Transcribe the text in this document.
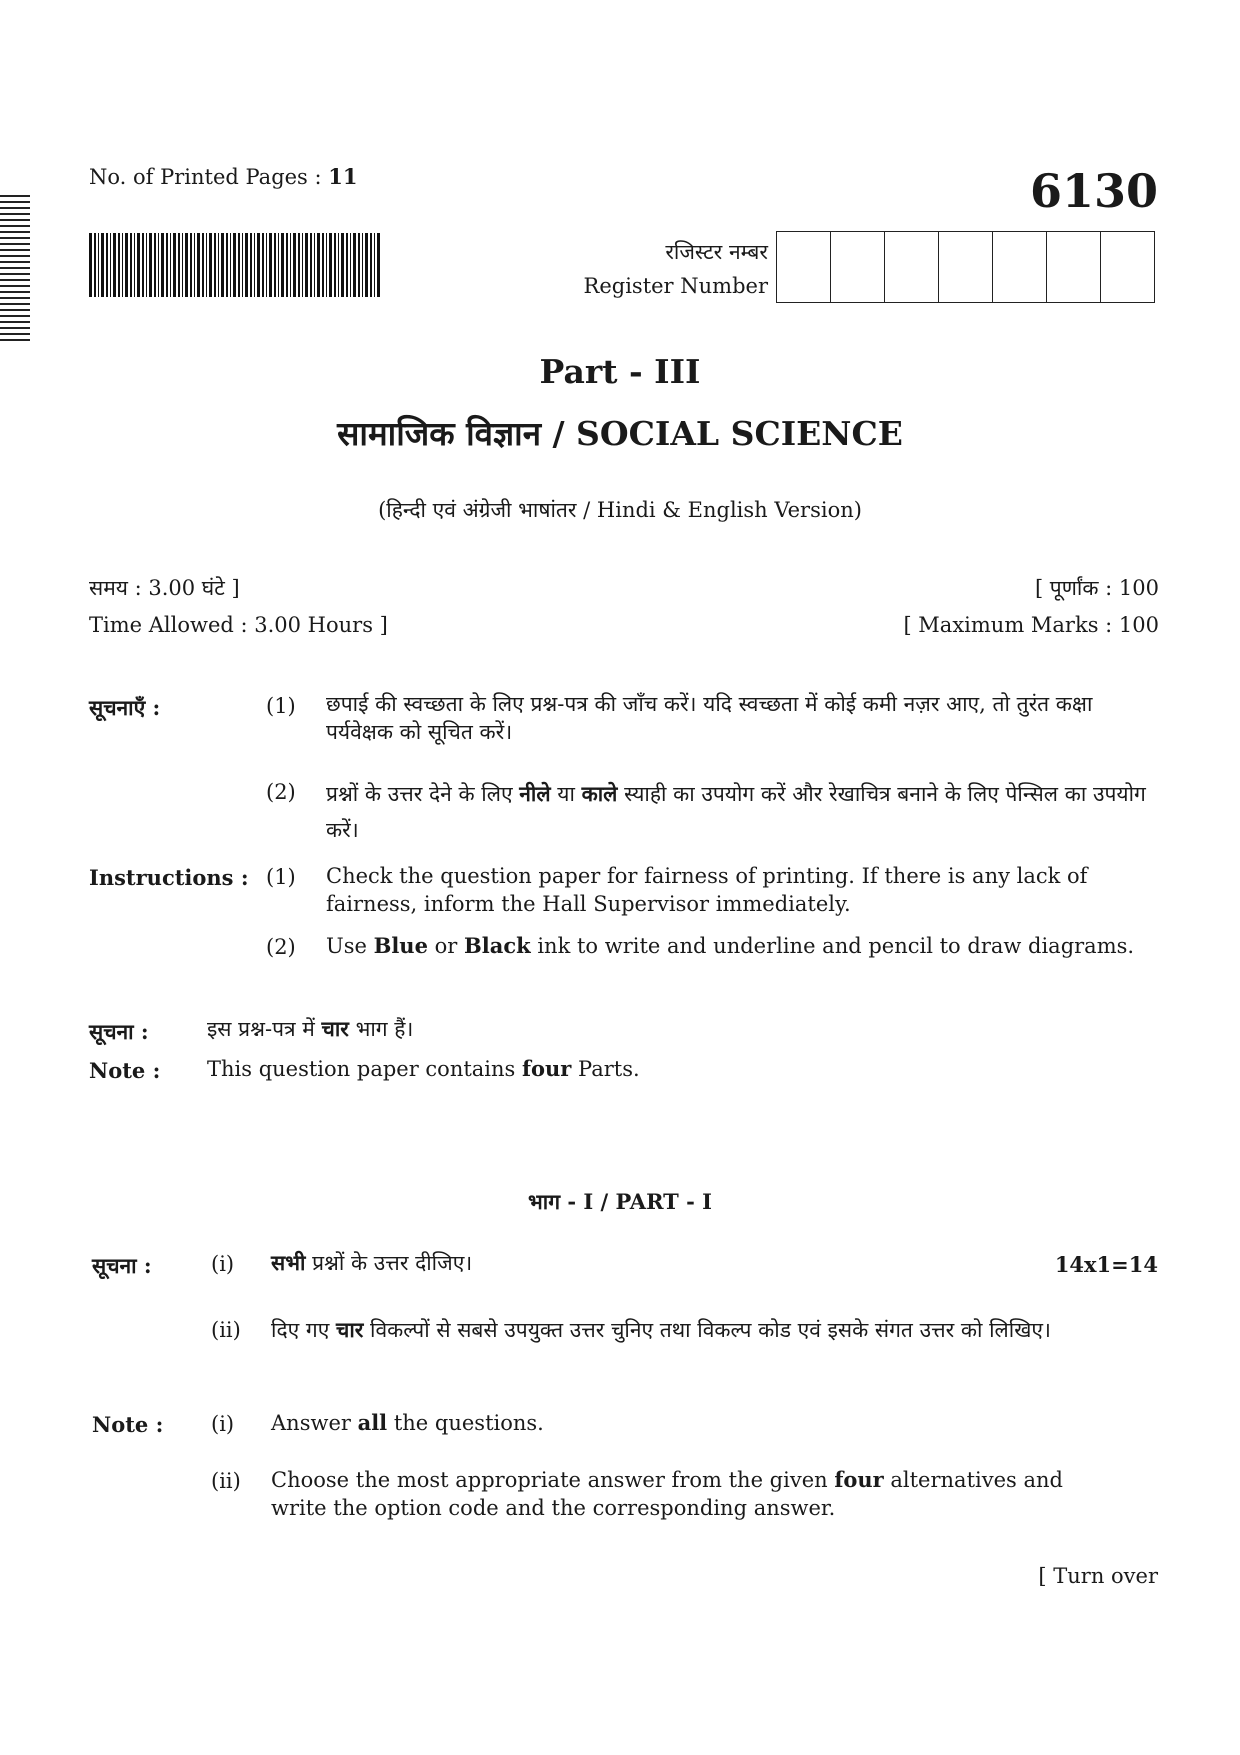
No. of Printed Pages : 11	6130
रजिस्टर नम्बर
Register Number
Part - III
सामाजिक विज्ञान / SOCIAL SCIENCE
(हिन्दी एवं अंग्रेजी भाषांतर / Hindi & English Version)
समय : 3.00 घंटे ]	[ पूर्णांक : 100
Time Allowed : 3.00 Hours ]	[ Maximum Marks : 100
सूचनाएँ :	(1) छपाई की स्वच्छता के लिए प्रश्न-पत्र की जाँच करें। यदि स्वच्छता में कोई कमी नज़र आए, तो तुरंत कक्षा पर्यवेक्षक को सूचित करें।
(2) प्रश्नों के उत्तर देने के लिए नीले या काले स्याही का उपयोग करें और रेखाचित्र बनाने के लिए पेन्सिल का उपयोग करें।
Instructions : (1) Check the question paper for fairness of printing. If there is any lack of fairness, inform the Hall Supervisor immediately.
(2) Use Blue or Black ink to write and underline and pencil to draw diagrams.
सूचना :	इस प्रश्न-पत्र में चार भाग हैं।
Note : This question paper contains four Parts.
भाग - I / PART - I
सूचना :	(i) सभी प्रश्नों के उत्तर दीजिए।	14x1=14
(ii) दिए गए चार विकल्पों से सबसे उपयुक्त उत्तर चुनिए तथा विकल्प कोड एवं इसके संगत उत्तर को लिखिए।
Note : (i) Answer all the questions.
(ii) Choose the most appropriate answer from the given four alternatives and write the option code and the corresponding answer.
[ Turn over
